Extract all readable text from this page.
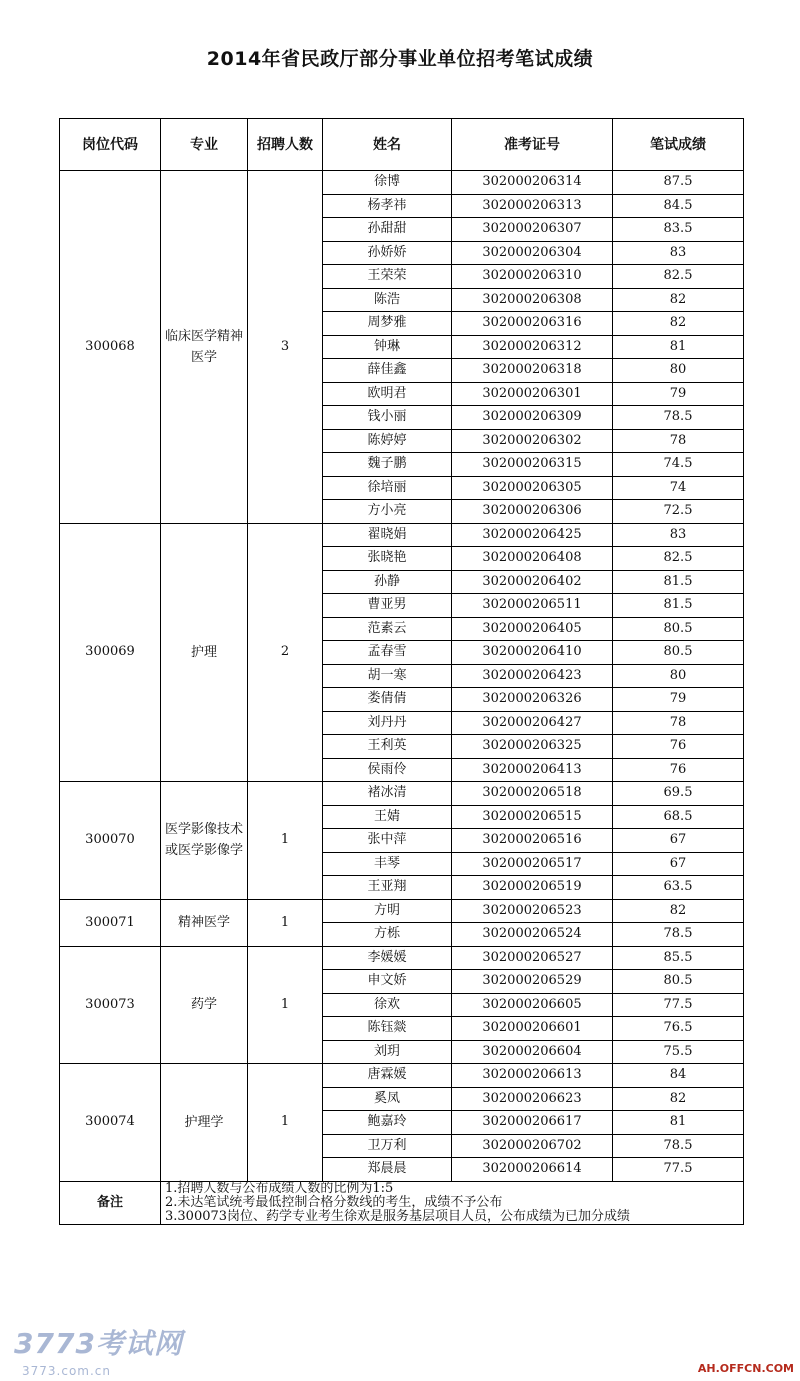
2014年省民政厅部分事业单位招考笔试成绩
岗位代码	专业	招聘人数	姓名	准考证号	笔试成绩
300068	临床医学精神医学	3	徐博	302000206314	87.5
			杨孝祎	302000206313	84.5
			孙甜甜	302000206307	83.5
			孙娇娇	302000206304	83
			王荣荣	302000206310	82.5
			陈浩	302000206308	82
			周梦雅	302000206316	82
			钟琳	302000206312	81
			薛佳鑫	302000206318	80
			欧明君	302000206301	79
			钱小丽	302000206309	78.5
			陈婷婷	302000206302	78
			魏子鹏	302000206315	74.5
			徐培丽	302000206305	74
			方小亮	302000206306	72.5
300069	护理	2	翟晓娟	302000206425	83
			张晓艳	302000206408	82.5
			孙静	302000206402	81.5
			曹亚男	302000206511	81.5
			范素云	302000206405	80.5
			孟春雪	302000206410	80.5
			胡一寒	302000206423	80
			娄倩倩	302000206326	79
			刘丹丹	302000206427	78
			王利英	302000206325	76
			侯雨伶	302000206413	76
300070	医学影像技术或医学影像学	1	褚冰清	302000206518	69.5
			王婧	302000206515	68.5
			张中萍	302000206516	67
			丰琴	302000206517	67
			王亚翔	302000206519	63.5
300071	精神医学	1	方明	302000206523	82
			方栎	302000206524	78.5
300073	药学	1	李媛媛	302000206527	85.5
			申文娇	302000206529	80.5
			徐欢	302000206605	77.5
			陈钰燚	302000206601	76.5
			刘玥	302000206604	75.5
300074	护理学	1	唐霖媛	302000206613	84
			奚凤	302000206623	82
			鲍嘉玲	302000206617	81
			卫万利	302000206702	78.5
			郑晨晨	302000206614	77.5
备注	1.招聘人数与公布成绩人数的比例为1:5
2.未达笔试统考最低控制合格分数线的考生，成绩不予公布
3.300073岗位、药学专业考生徐欢是服务基层项目人员，公布成绩为已加分成绩				
3773考试网
3773.com.cn	AH.OFFCN.COM
